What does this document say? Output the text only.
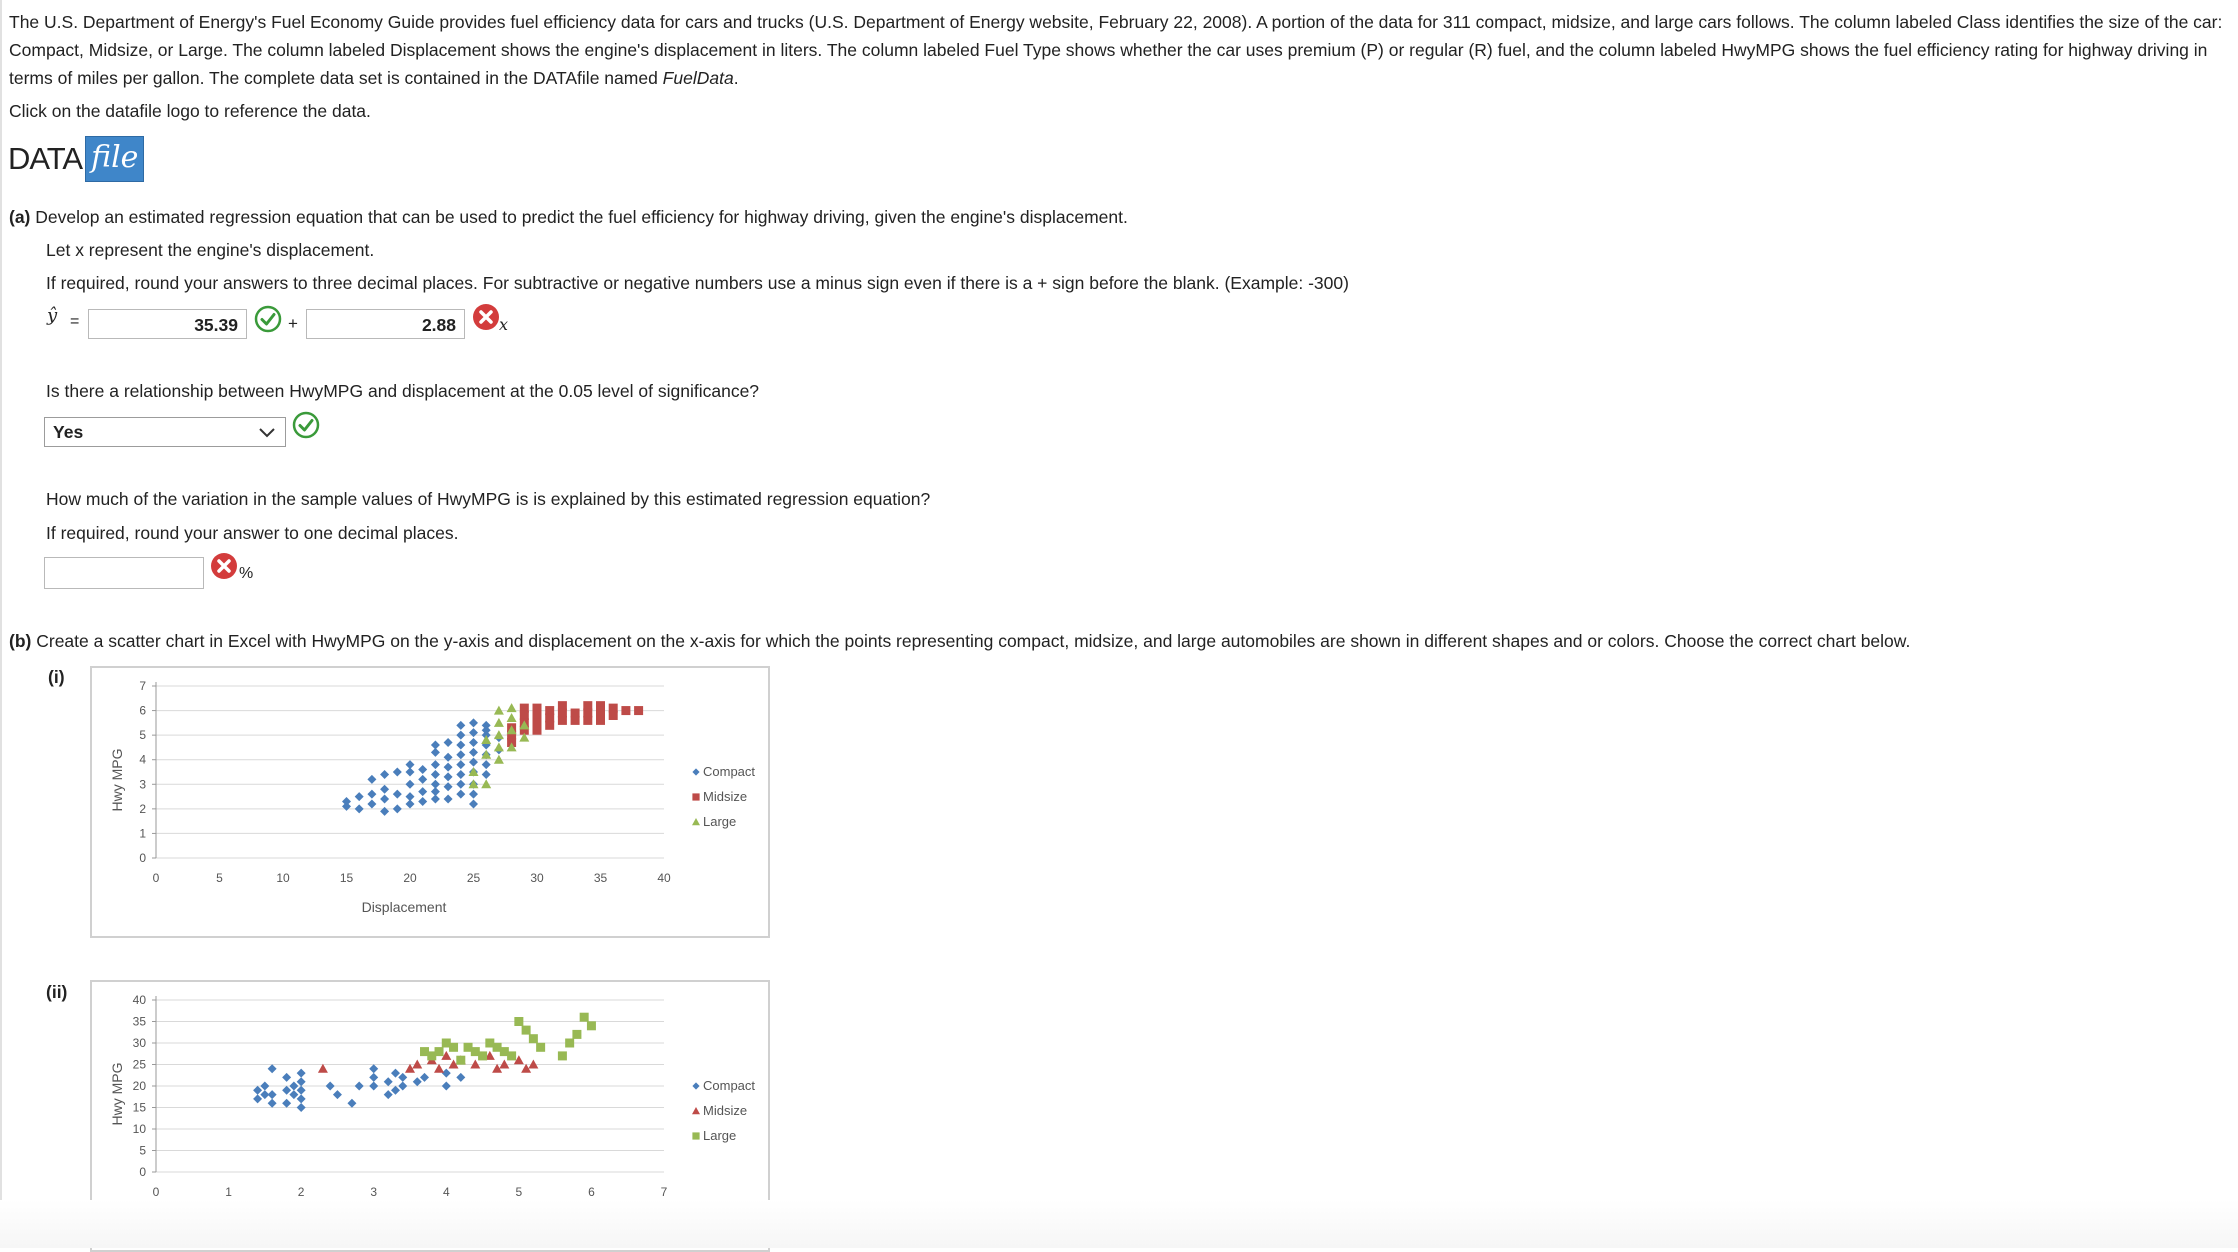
The U.S. Department of Energy's Fuel Economy Guide provides fuel efficiency data for cars and trucks (U.S. Department of Energy website, February 22, 2008). A portion of the data for 311 compact, midsize, and large cars follows. The column labeled Class identifies the size of the car: Compact, Midsize, or Large. The column labeled Displacement shows the engine's displacement in liters. The column labeled Fuel Type shows whether the car uses premium (P) or regular (R) fuel, and the column labeled HwyMPG shows the fuel efficiency rating for highway driving in terms of miles per gallon. The complete data set is contained in the DATAfile named FuelData.
Click on the datafile logo to reference the data.
DATA file
(a) Develop an estimated regression equation that can be used to predict the fuel efficiency for highway driving, given the engine's displacement.
Let x represent the engine's displacement.
If required, round your answers to three decimal places. For subtractive or negative numbers use a minus sign even if there is a + sign before the blank. (Example: -300)
ŷ =	35.39	+	2.88	x
Is there a relationship between HwyMPG and displacement at the 0.05 level of significance?
Yes
How much of the variation in the sample values of HwyMPG is is explained by this estimated regression equation?
If required, round your answer to one decimal places.
%
(b) Create a scatter chart in Excel with HwyMPG on the y-axis and displacement on the x-axis for which the points representing compact, midsize, and large automobiles are shown in different shapes and or colors. Choose the correct chart below.
(i)
0
1
2
3
4
5
6
7
0	5	10	15	20	25	30	35	40
Displacement
Hwy MPG	Compact
Midsize
Large
(ii)
0
5
10
15
20
25
30
35
40
0	1	2	3	4	5	6	7
Hwy MPG	Compact
Midsize
Large
